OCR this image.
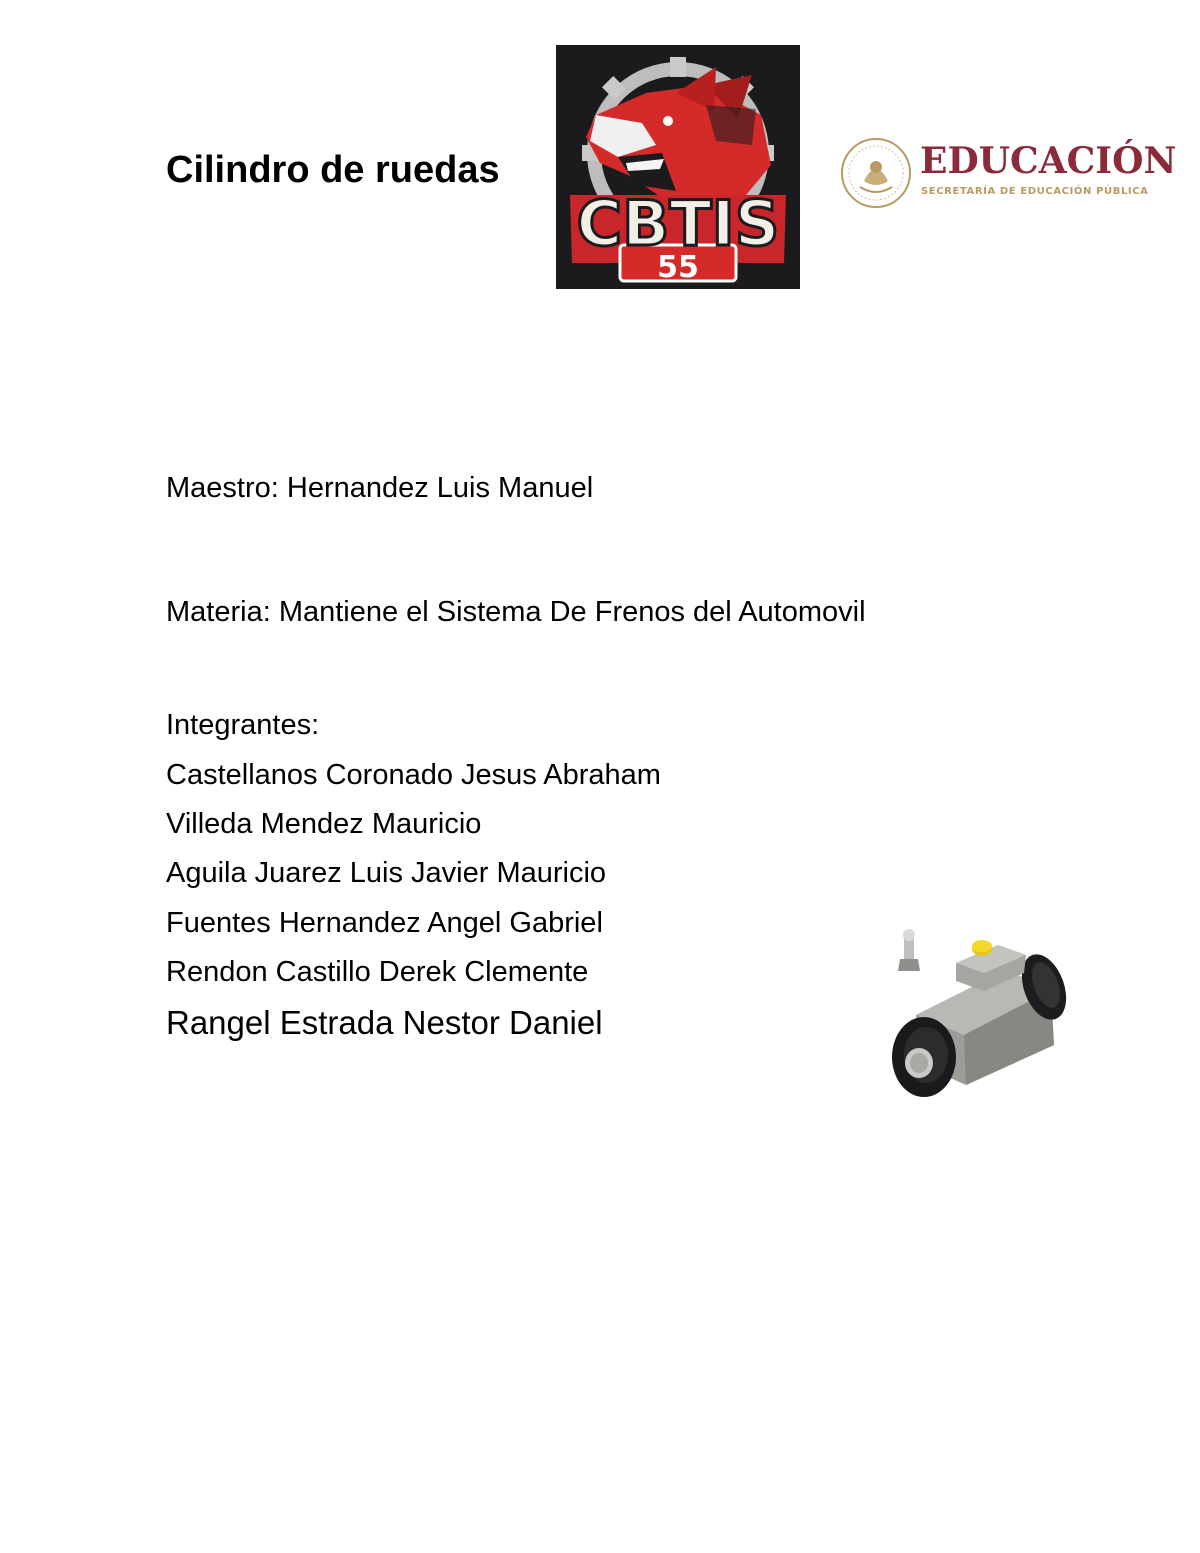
Cilindro de ruedas
CBTIS
55
EDUCACIÓN
SECRETARÍA DE EDUCACIÓN PÚBLICA
Maestro: Hernandez Luis Manuel
Materia: Mantiene el Sistema De Frenos del Automovil
Integrantes:
Castellanos Coronado Jesus Abraham
Villeda Mendez Mauricio
Aguila Juarez Luis Javier Mauricio
Fuentes Hernandez Angel Gabriel
Rendon Castillo Derek Clemente
Rangel Estrada Nestor Daniel
